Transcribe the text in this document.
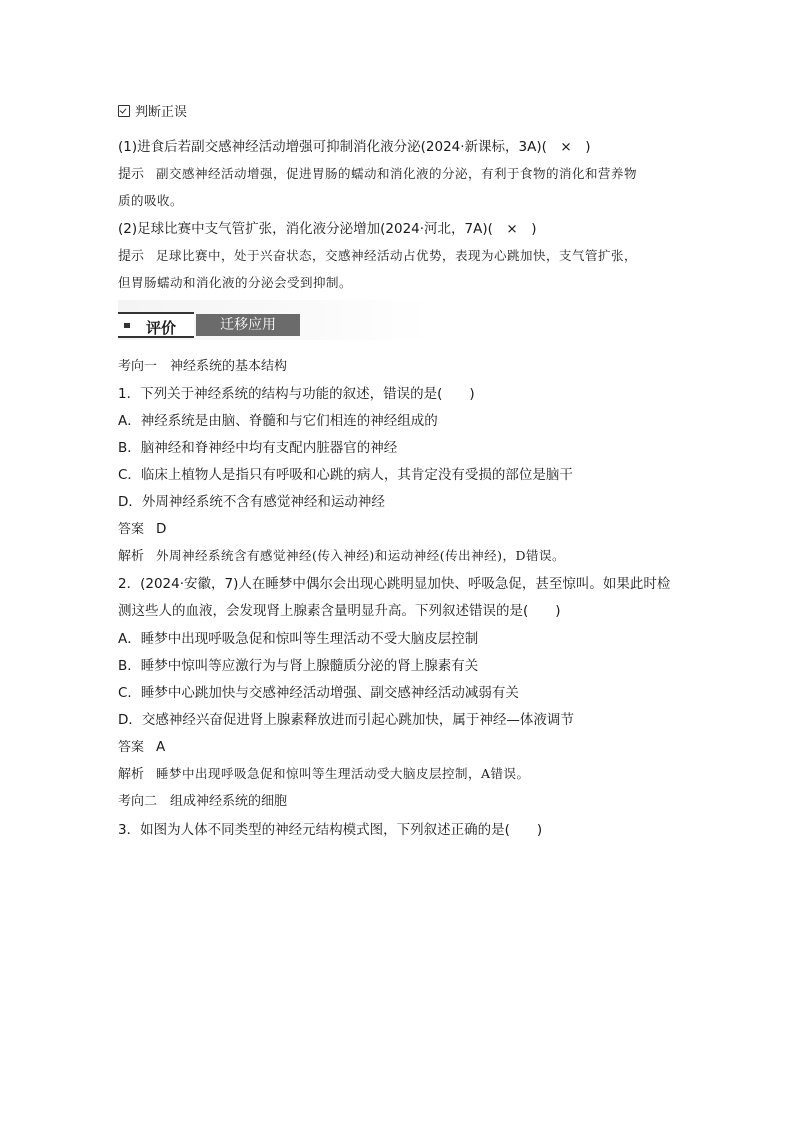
判断正误
(1)进食后若副交感神经活动增强可抑制消化液分泌(2024·新课标，3A)(　×　)
提示 副交感神经活动增强，促进胃肠的蠕动和消化液的分泌，有利于食物的消化和营养物
质的吸收。
(2)足球比赛中支气管扩张，消化液分泌增加(2024·河北，7A)(　×　)
提示 足球比赛中，处于兴奋状态，交感神经活动占优势，表现为心跳加快，支气管扩张，
但胃肠蠕动和消化液的分泌会受到抑制。
评价	迁移应用
考向一　神经系统的基本结构
1．下列关于神经系统的结构与功能的叙述，错误的是(　　)
A．神经系统是由脑、脊髓和与它们相连的神经组成的
B．脑神经和脊神经中均有支配内脏器官的神经
C．临床上植物人是指只有呼吸和心跳的病人，其肯定没有受损的部位是脑干
D．外周神经系统不含有感觉神经和运动神经
答案 D
解析 外周神经系统含有感觉神经(传入神经)和运动神经(传出神经)，D错误。
2．(2024·安徽，7)人在睡梦中偶尔会出现心跳明显加快、呼吸急促，甚至惊叫。如果此时检
测这些人的血液，会发现肾上腺素含量明显升高。下列叙述错误的是(　　)
A．睡梦中出现呼吸急促和惊叫等生理活动不受大脑皮层控制
B．睡梦中惊叫等应激行为与肾上腺髓质分泌的肾上腺素有关
C．睡梦中心跳加快与交感神经活动增强、副交感神经活动减弱有关
D．交感神经兴奋促进肾上腺素释放进而引起心跳加快，属于神经—体液调节
答案 A
解析 睡梦中出现呼吸急促和惊叫等生理活动受大脑皮层控制，A错误。
考向二　组成神经系统的细胞
3．如图为人体不同类型的神经元结构模式图，下列叙述正确的是(　　)
